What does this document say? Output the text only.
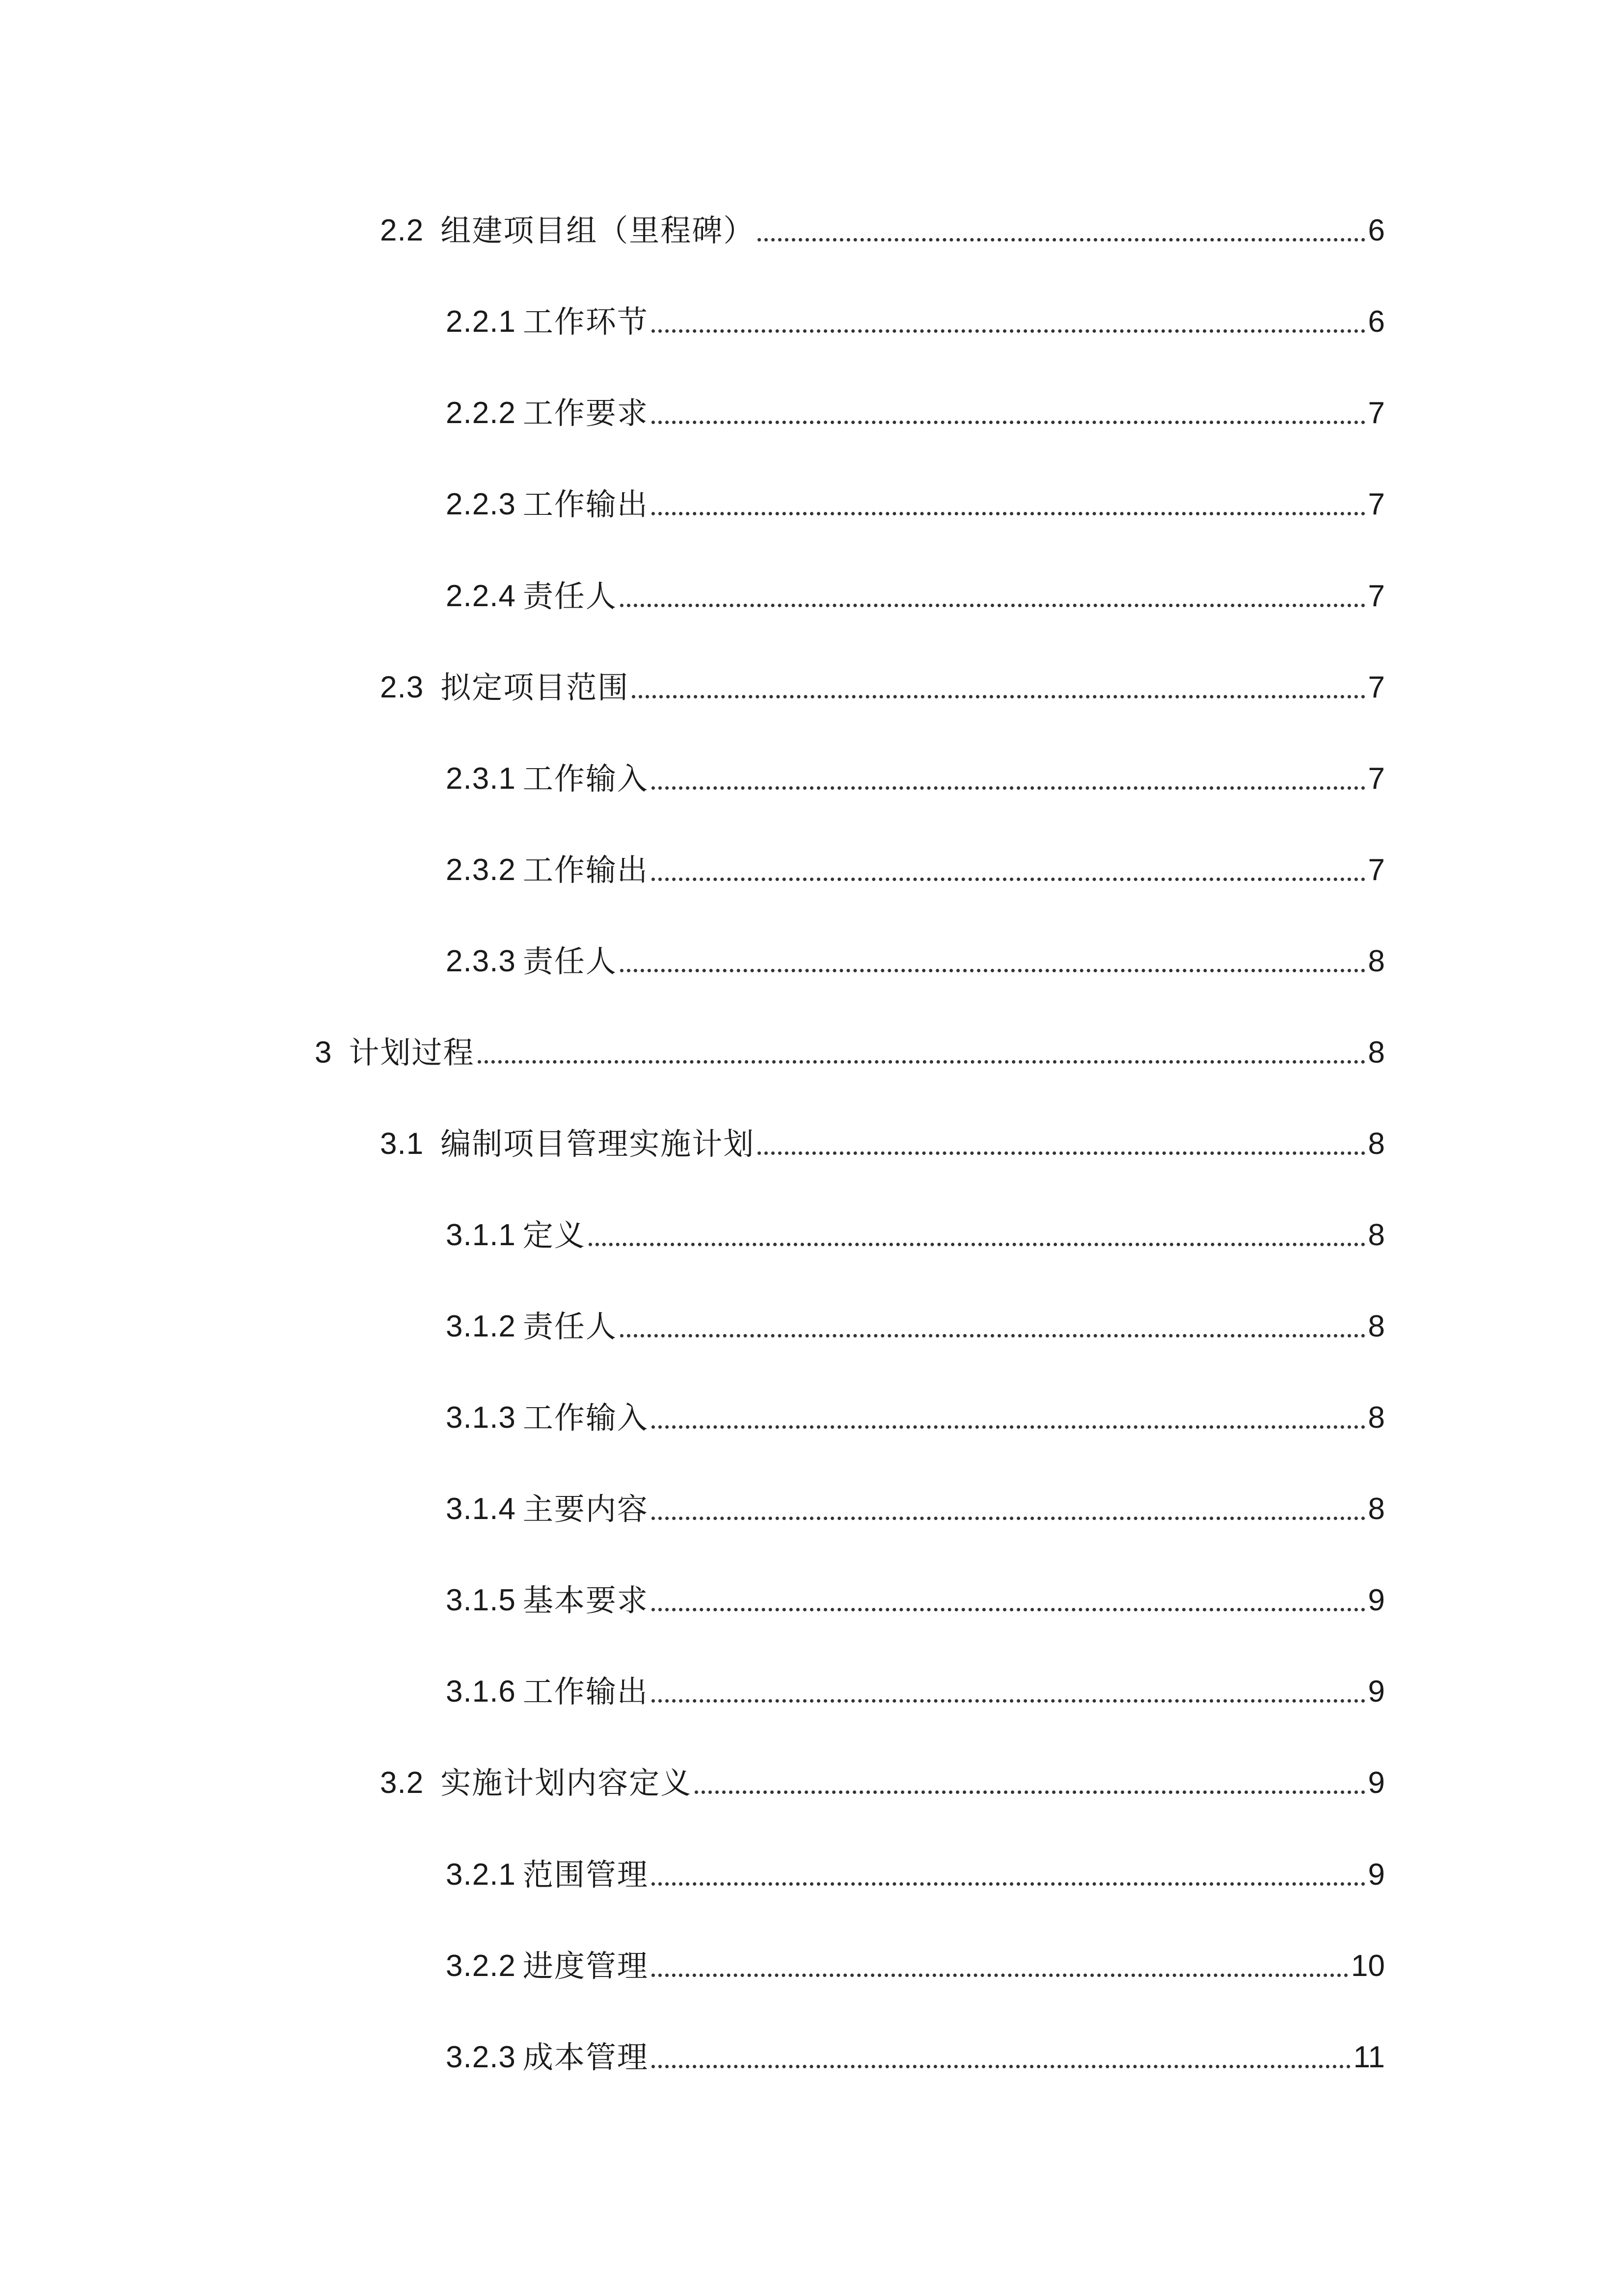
2.2 组建项目组（里程碑）	6
2.2.1 工作环节	6
2.2.2 工作要求	7
2.2.3 工作输出	7
2.2.4 责任人	7
2.3 拟定项目范围	7
2.3.1 工作输入	7
2.3.2 工作输出	7
2.3.3 责任人	8
3 计划过程	8
3.1 编制项目管理实施计划	8
3.1.1 定义	8
3.1.2 责任人	8
3.1.3 工作输入	8
3.1.4 主要内容	8
3.1.5 基本要求	9
3.1.6 工作输出	9
3.2 实施计划内容定义	9
3.2.1 范围管理	9
3.2.2 进度管理	10
3.2.3 成本管理	11
